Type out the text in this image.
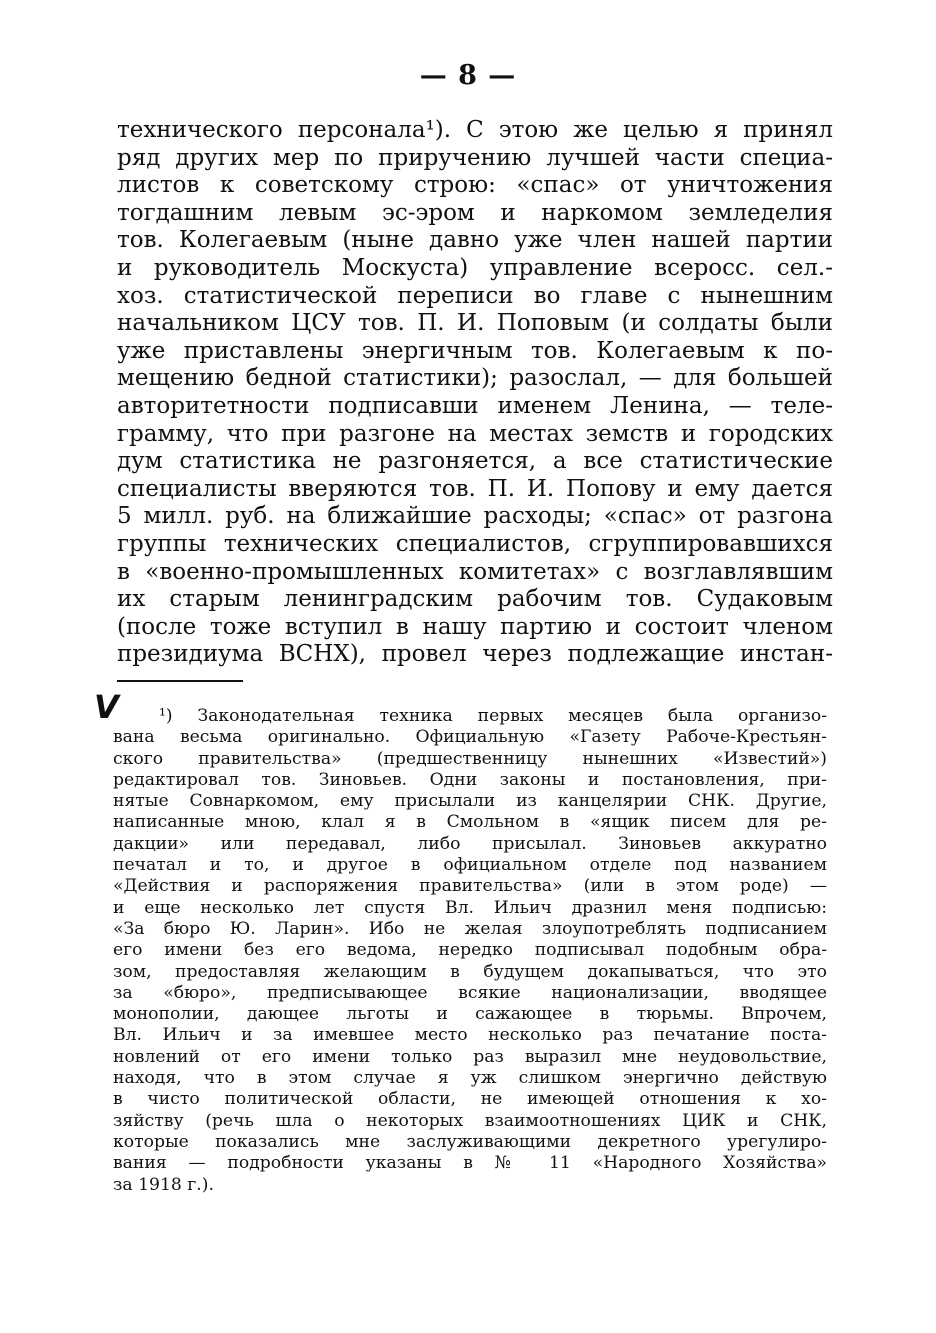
— 8 —
технического персонала¹). С этою же целью я принял
ряд других мер по приручению лучшей части специа-
листов к советскому строю: «спас» от уничтожения
тогдашним левым эс-эром и наркомом земледелия
тов. Колегаевым (ныне давно уже член нашей партии
и руководитель Москуста) управление всеросс. сел.-
хоз. статистической переписи во главе с нынешним
начальником ЦСУ тов. П. И. Поповым (и солдаты были
уже приставлены энергичным тов. Колегаевым к по-
мещению бедной статистики); разослал, — для большей
авторитетности подписавши именем Ленина, — теле-
грамму, что при разгоне на местах земств и городских
дум статистика не разгоняется, а все статистические
специалисты вверяются тов. П. И. Попову и ему дается
5 милл. руб. на ближайшие расходы; «спас» от разгона
группы технических специалистов, сгруппировавшихся
в «военно-промышленных комитетах» с возглавлявшим
их старым ленинградским рабочим тов. Судаковым
(после тоже вступил в нашу партию и состоит членом
президиума ВСНХ), провел через подлежащие инстан-
V	¹) Законодательная техника первых месяцев была организо-
вана весьма оригинально. Официальную «Газету Рабоче-Крестьян-
ского правительства» (предшественницу нынешних «Известий»)
редактировал тов. Зиновьев. Одни законы и постановления, при-
нятые Совнаркомом, ему присылали из канцелярии СНК. Другие,
написанные мною, клал я в Смольном в «ящик писем для ре-
дакции» или передавал, либо присылал. Зиновьев аккуратно
печатал и то, и другое в официальном отделе под названием
«Действия и распоряжения правительства» (или в этом роде) —
и еще несколько лет спустя Вл. Ильич дразнил меня подписью:
«За бюро Ю. Ларин». Ибо не желая злоупотреблять подписанием
его имени без его ведома, нередко подписывал подобным обра-
зом, предоставляя желающим в будущем докапываться, что это
за «бюро», предписывающее всякие национализации, вводящее
монополии, дающее льготы и сажающее в тюрьмы. Впрочем,
Вл. Ильич и за имевшее место несколько раз печатание поста-
новлений от его имени только раз выразил мне неудовольствие,
находя, что в этом случае я уж слишком энергично действую
в чисто политической области, не имеющей отношения к хо-
зяйству (речь шла о некоторых взаимоотношениях ЦИК и СНК,
которые показались мне заслуживающими декретного урегулиро-
вания — подробности указаны в № 11 «Народного Хозяйства»
за 1918 г.).
